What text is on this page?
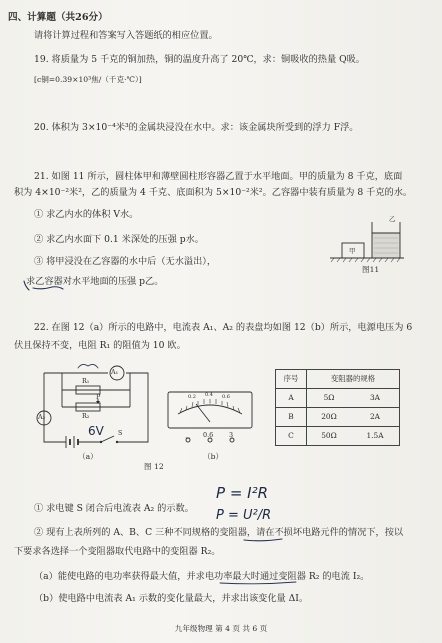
四、计算题（共26分）
请将计算过程和答案写入答题纸的相应位置。
19. 将质量为 5 千克的铜加热，铜的温度升高了 20℃，求：铜吸收的热量 Q吸。
[c铜=0.39×10³焦/（千克·℃）]
20. 体积为 3×10⁻⁴米³的金属块浸没在水中。求：该金属块所受到的浮力 F浮。
21. 如图 11 所示，圆柱体甲和薄壁圆柱形容器乙置于水平地面。甲的质量为 8 千克，底面
积为 4×10⁻²米²，乙的质量为 4 千克、底面积为 5×10⁻²米²。乙容器中装有质量为 8 千克的水。
① 求乙内水的体积 V水。
② 求乙内水面下 0.1 米深处的压强 p水。
③ 将甲浸没在乙容器的水中后（无水溢出），
求乙容器对水平地面的压强 p乙。
甲
乙
图11
22. 在图 12（a）所示的电路中，电流表 A₁、A₂ 的表盘均如图 12（b）所示，电源电压为 6
伏且保持不变，电阻 R₁ 的阻值为 10 欧。
A₁
A₂
R₁
R₂
P
S
6V
（a）
− 0.6 3
0.2 0.4 0.6
（b）
图 12
序号	变阻器的规格	
A	5Ω	3A
B	20Ω	2A
C	50Ω	1.5A
① 求电键 S 闭合后电流表 A₂ 的示数。
② 现有上表所列的 A、B、C 三种不同规格的变阻器，请在不损坏电路元件的情况下，按以
下要求各选择一个变阻器取代电路中的变阻器 R₂。
（a）能使电路的电功率获得最大值，并求电功率最大时通过变阻器 R₂ 的电流 I₂。
（b）使电路中电流表 A₁ 示数的变化量最大，并求出该变化量 ΔI。
P = I²R
P = U²/R
九年级物理 第 4 页 共 6 页
